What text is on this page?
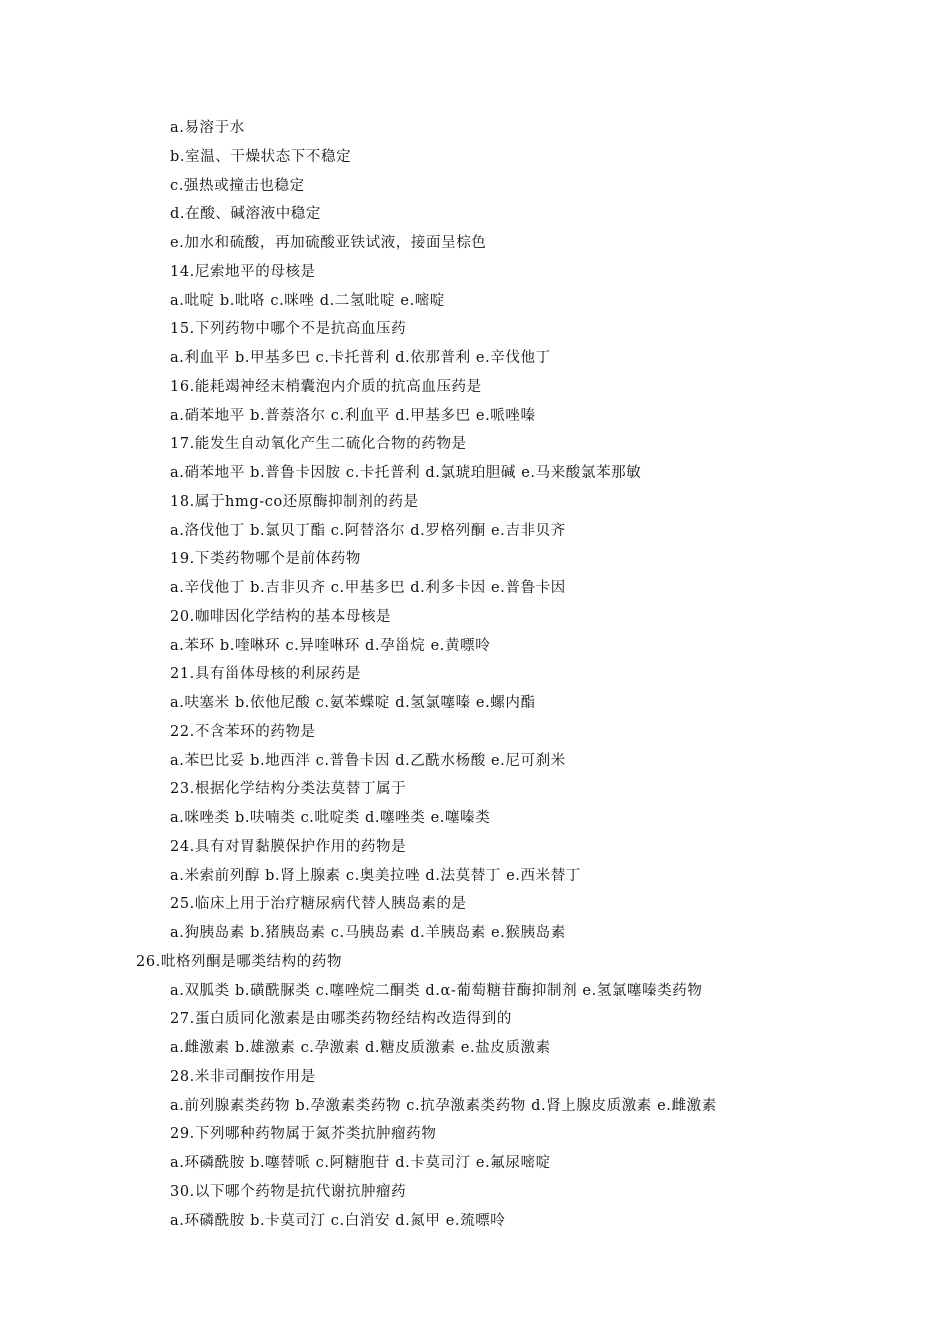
a.易溶于水
b.室温、干燥状态下不稳定
c.强热或撞击也稳定
d.在酸、碱溶液中稳定
e.加水和硫酸，再加硫酸亚铁试液，接面呈棕色
14.尼索地平的母核是
a.吡啶 b.吡咯 c.咪唑 d.二氢吡啶 e.嘧啶
15.下列药物中哪个不是抗高血压药
a.利血平 b.甲基多巴 c.卡托普利 d.依那普利 e.辛伐他丁
16.能耗竭神经末梢囊泡内介质的抗高血压药是
a.硝苯地平 b.普萘洛尔 c.利血平 d.甲基多巴 e.哌唑嗪
17.能发生自动氧化产生二硫化合物的药物是
a.硝苯地平 b.普鲁卡因胺 c.卡托普利 d.氯琥珀胆碱 e.马来酸氯苯那敏
18.属于hmg-co还原酶抑制剂的药是
a.洛伐他丁 b.氯贝丁酯 c.阿替洛尔 d.罗格列酮 e.吉非贝齐
19.下类药物哪个是前体药物
a.辛伐他丁 b.吉非贝齐 c.甲基多巴 d.利多卡因 e.普鲁卡因
20.咖啡因化学结构的基本母核是
a.苯环 b.喹啉环 c.异喹啉环 d.孕甾烷 e.黄嘌呤
21.具有甾体母核的利尿药是
a.呋塞米 b.依他尼酸 c.氨苯蝶啶 d.氢氯噻嗪 e.螺内酯
22.不含苯环的药物是
a.苯巴比妥 b.地西泮 c.普鲁卡因 d.乙酰水杨酸 e.尼可刹米
23.根据化学结构分类法莫替丁属于
a.咪唑类 b.呋喃类 c.吡啶类 d.噻唑类 e.噻嗪类
24.具有对胃黏膜保护作用的药物是
a.米索前列醇 b.肾上腺素 c.奥美拉唑 d.法莫替丁 e.西米替丁
25.临床上用于治疗糖尿病代替人胰岛素的是
a.狗胰岛素 b.猪胰岛素 c.马胰岛素 d.羊胰岛素 e.猴胰岛素
26.吡格列酮是哪类结构的药物
a.双胍类 b.磺酰脲类 c.噻唑烷二酮类 d.α-葡萄糖苷酶抑制剂 e.氢氯噻嗪类药物
27.蛋白质同化激素是由哪类药物经结构改造得到的
a.雌激素 b.雄激素 c.孕激素 d.糖皮质激素 e.盐皮质激素
28.米非司酮按作用是
a.前列腺素类药物 b.孕激素类药物 c.抗孕激素类药物 d.肾上腺皮质激素 e.雌激素
29.下列哪种药物属于氮芥类抗肿瘤药物
a.环磷酰胺 b.噻替哌 c.阿糖胞苷 d.卡莫司汀 e.氟尿嘧啶
30.以下哪个药物是抗代谢抗肿瘤药
a.环磷酰胺 b.卡莫司汀 c.白消安 d.氮甲 e.巯嘌呤
